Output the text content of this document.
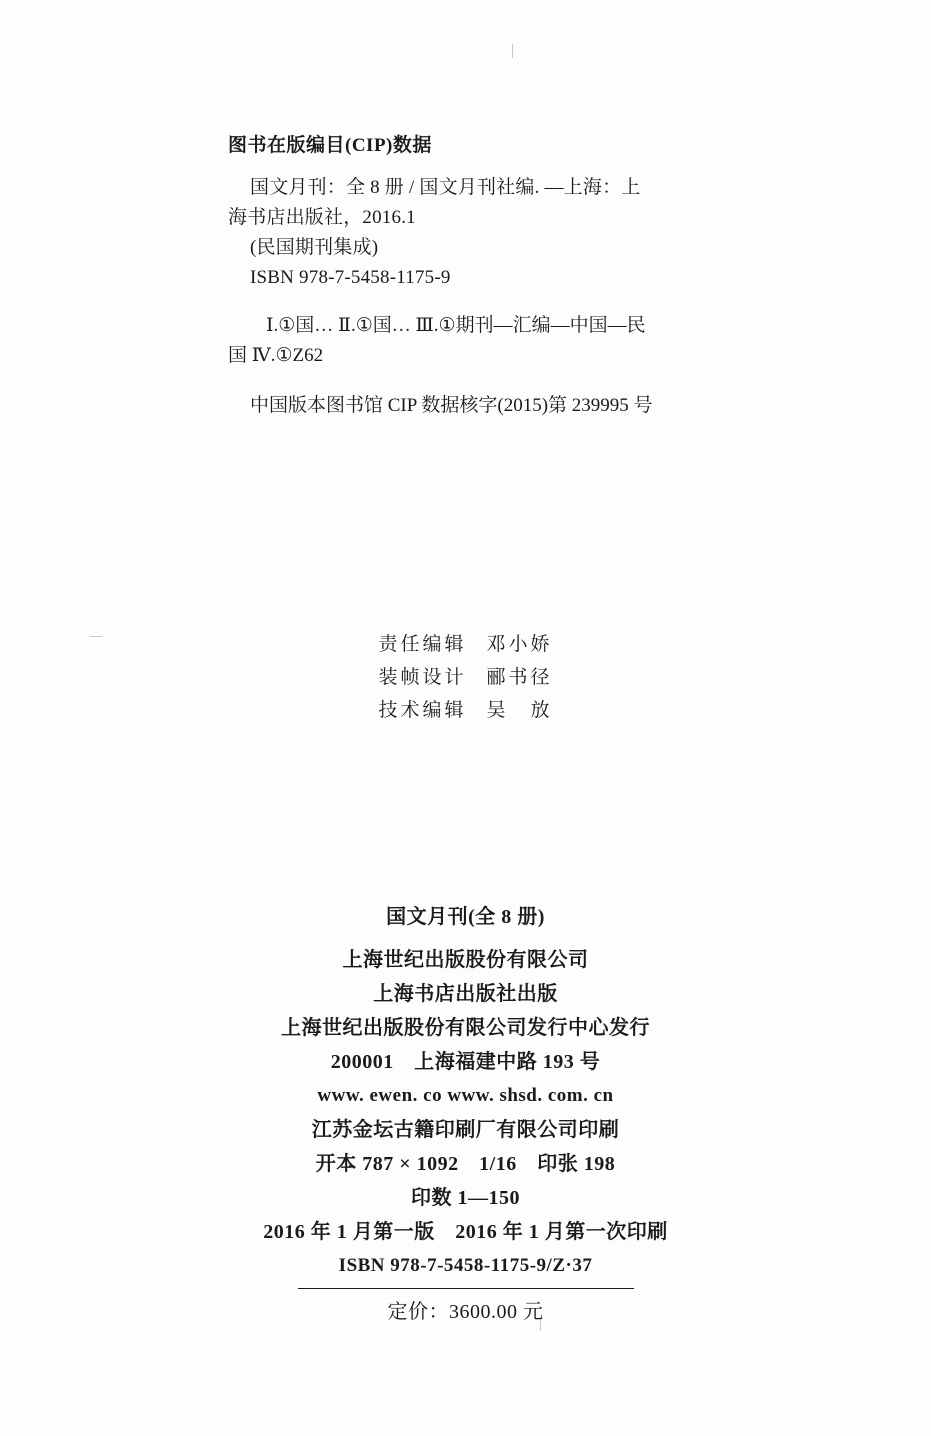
图书在版编目(CIP)数据
国文月刊：全 8 册 / 国文月刊社编. —上海：上
海书店出版社，2016.1
(民国期刊集成)
ISBN 978-7-5458-1175-9
Ⅰ.①国… Ⅱ.①国… Ⅲ.①期刊—汇编—中国—民
国 Ⅳ.①Z62
中国版本图书馆 CIP 数据核字(2015)第 239995 号
责任编辑 邓小娇
装帧设计 郦书径
技术编辑 吴　放
国文月刊(全 8 册)
上海世纪出版股份有限公司
上海书店出版社出版
上海世纪出版股份有限公司发行中心发行
200001　上海福建中路 193 号
www. ewen. co www. shsd. com. cn
江苏金坛古籍印刷厂有限公司印刷
开本 787 × 1092　1/16　印张 198
印数 1—150
2016 年 1 月第一版　2016 年 1 月第一次印刷
ISBN 978-7-5458-1175-9/Z·37
定价：3600.00 元
